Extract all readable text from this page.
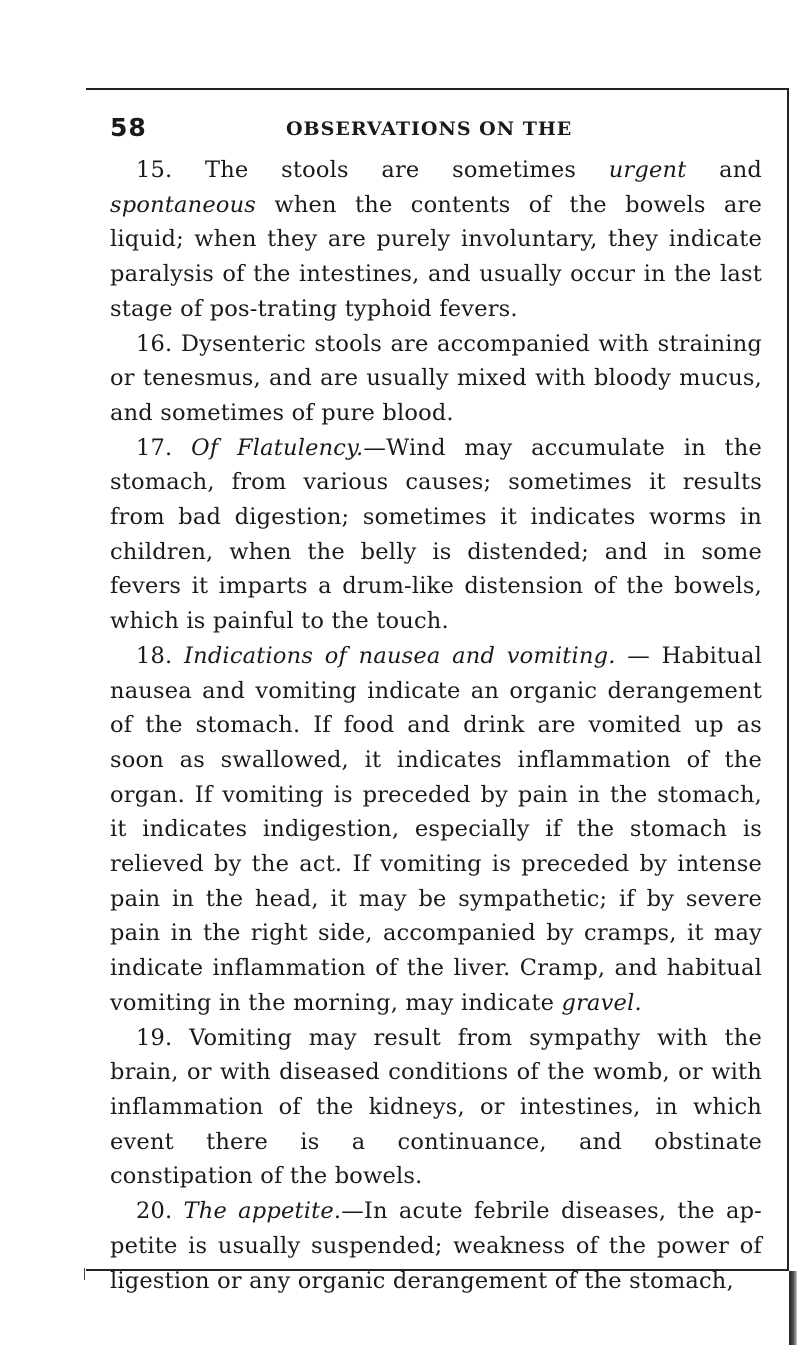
58	OBSERVATIONS ON THE

15. The stools are sometimes urgent and spontaneous when the contents of the bowels are liquid; when they are purely involuntary, they indicate paralysis of the intestines, and usually occur in the last stage of pos-trating typhoid fevers.

16. Dysenteric stools are accompanied with straining or tenesmus, and are usually mixed with bloody mucus, and sometimes of pure blood.

17. Of Flatulency.—Wind may accumulate in the stomach, from various causes; sometimes it results from bad digestion; sometimes it indicates worms in children, when the belly is distended; and in some fevers it imparts a drum-like distension of the bowels, which is painful to the touch.

18. Indications of nausea and vomiting. — Habitual nausea and vomiting indicate an organic derangement of the stomach. If food and drink are vomited up as soon as swallowed, it indicates inflammation of the organ. If vomiting is preceded by pain in the stomach, it indicates indigestion, especially if the stomach is relieved by the act. If vomiting is preceded by intense pain in the head, it may be sympathetic; if by severe pain in the right side, accompanied by cramps, it may indicate inflammation of the liver. Cramp, and habitual vomiting in the morning, may indicate gravel.

19. Vomiting may result from sympathy with the brain, or with diseased conditions of the womb, or with inflammation of the kidneys, or intestines, in which event there is a continuance, and obstinate constipation of the bowels.

20. The appetite.—In acute febrile diseases, the ap-petite is usually suspended; weakness of the power of ligestion or any organic derangement of the stomach,
